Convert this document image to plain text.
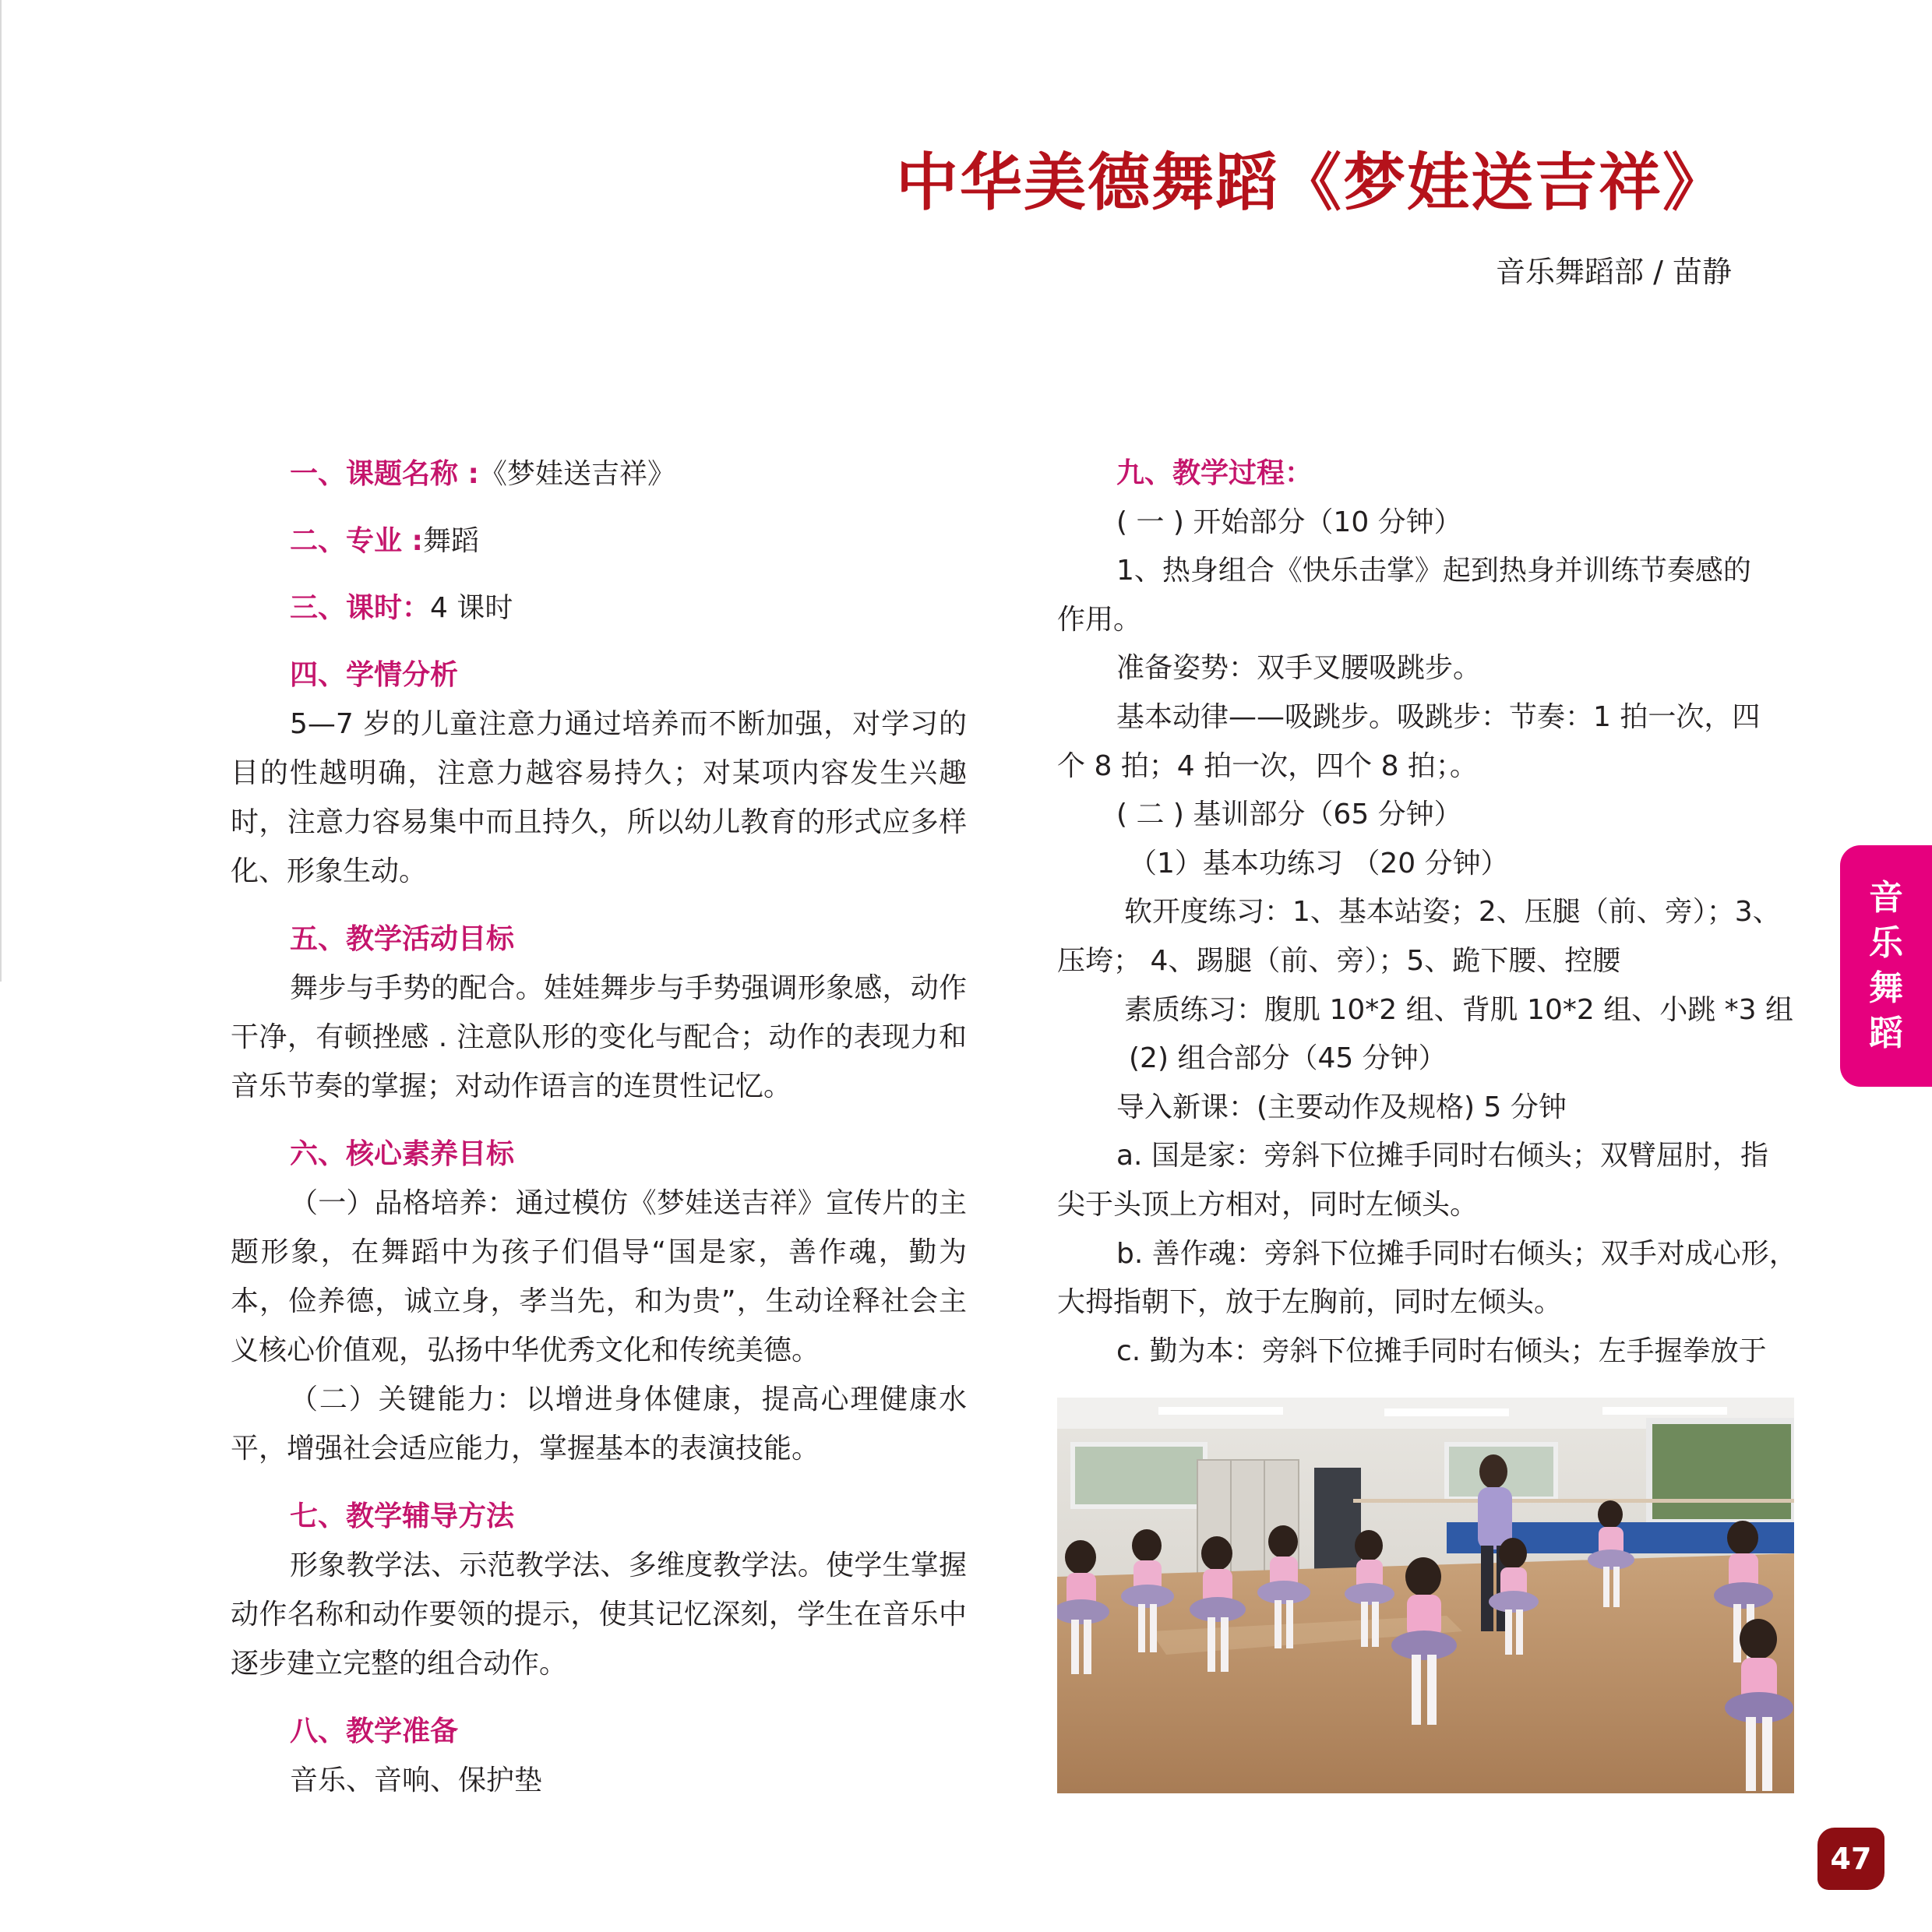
中华美德舞蹈《梦娃送吉祥》
音乐舞蹈部 / 苗静
一、课题名称 :《梦娃送吉祥》
二、专业 :舞蹈
三、课时：4 课时
四、学情分析

5—7 岁的儿童注意力通过培养而不断加强，对学习的目的性越明确，注意力越容易持久；对某项内容发生兴趣时，注意力容易集中而且持久，所以幼儿教育的形式应多样化、形象生动。

五、教学活动目标

舞步与手势的配合。娃娃舞步与手势强调形象感，动作干净，有顿挫感 . 注意队形的变化与配合；动作的表现力和音乐节奏的掌握；对动作语言的连贯性记忆。

六、核心素养目标

（一）品格培养：通过模仿《梦娃送吉祥》宣传片的主题形象，在舞蹈中为孩子们倡导“国是家，善作魂，勤为本，俭养德，诚立身，孝当先，和为贵”，生动诠释社会主义核心价值观，弘扬中华优秀文化和传统美德。

（二）关键能力：以增进身体健康，提高心理健康水平，增强社会适应能力，掌握基本的表演技能。

七、教学辅导方法

形象教学法、示范教学法、多维度教学法。使学生掌握动作名称和动作要领的提示，使其记忆深刻，学生在音乐中逐步建立完整的组合动作。

八、教学准备

音乐、音响、保护垫

九、教学过程：
( 一 ) 开始部分（10 分钟）
1、热身组合《快乐击掌》起到热身并训练节奏感的
作用。
准备姿势：双手叉腰吸跳步。
基本动律——吸跳步。吸跳步：节奏：1 拍一次，四
个 8 拍；4 拍一次，四个 8 拍；。
( 二 ) 基训部分（65 分钟）
（1）基本功练习 （20 分钟）
软开度练习：1、基本站姿；2、压腿（前、旁）；3、
压垮； 4、踢腿（前、旁）；5、跪下腰、控腰
素质练习：腹肌 10*2 组、背肌 10*2 组、小跳 *3 组
(2) 组合部分（45 分钟）
导入新课：(主要动作及规格) 5 分钟
a. 国是家：旁斜下位摊手同时右倾头；双臂屈肘，指
尖于头顶上方相对，同时左倾头。
b. 善作魂：旁斜下位摊手同时右倾头；双手对成心形，
大拇指朝下，放于左胸前，同时左倾头。
c. 勤为本：旁斜下位摊手同时右倾头；左手握拳放于
音
乐
舞
蹈
47
